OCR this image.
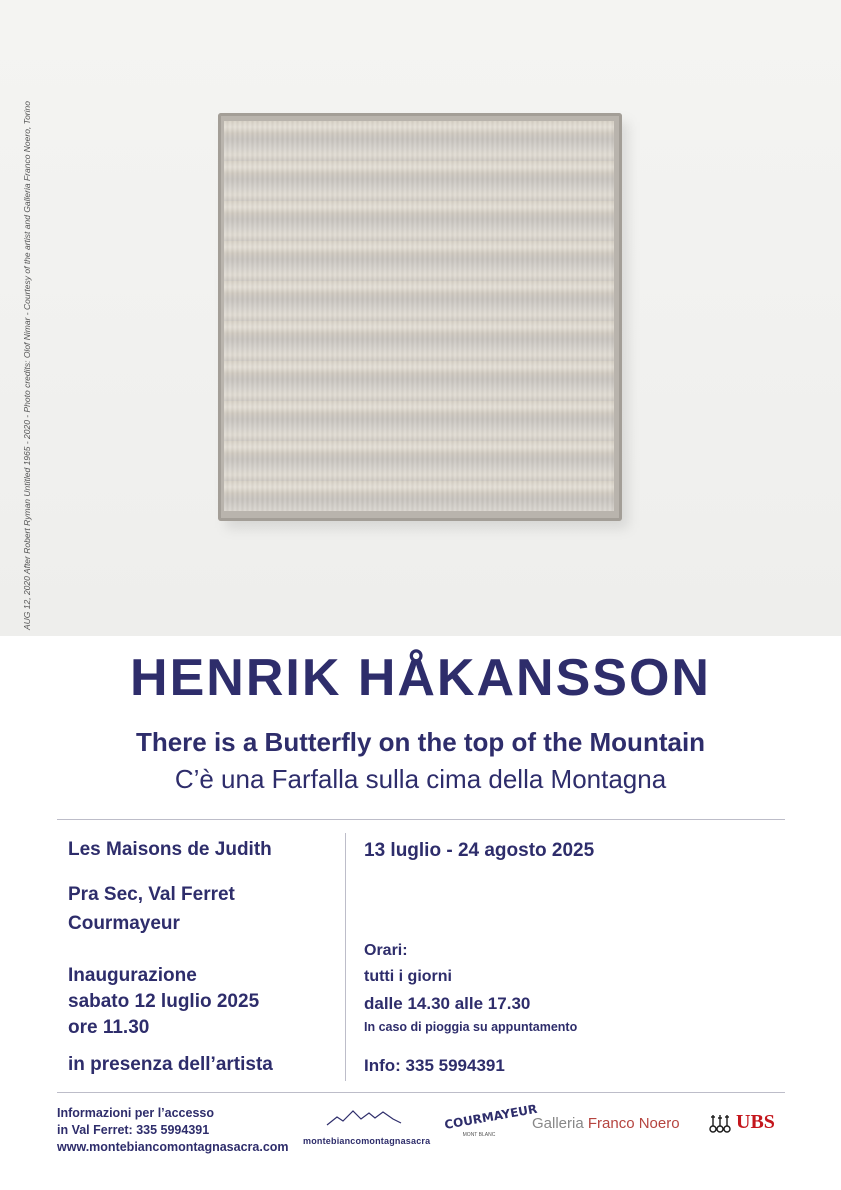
AUG 12, 2020 After Robert Ryman Untitled 1965 - 2020 - Photo credits: Olof Nimar - Courtesy of the artist and Galleria Franco Noero, Torino
HENRIK HÅKANSSON
There is a Butterfly on the top of the Mountain
C’è una Farfalla sulla cima della Montagna
Les Maisons de Judith
Pra Sec, Val Ferret
Courmayeur
Inaugurazione
sabato 12 luglio 2025
ore 11.30
in presenza dell’artista
13 luglio - 24 agosto 2025
Orari:
tutti i giorni
dalle 14.30 alle 17.30
In caso di pioggia su appuntamento
Info: 335 5994391
Informazioni per l’accesso
in Val Ferret: 335 5994391
www.montebiancomontagnasacra.com montebiancomontagnasacra
COURMAYEUR
MONT BLANC
Galleria Franco Noero	UBS
